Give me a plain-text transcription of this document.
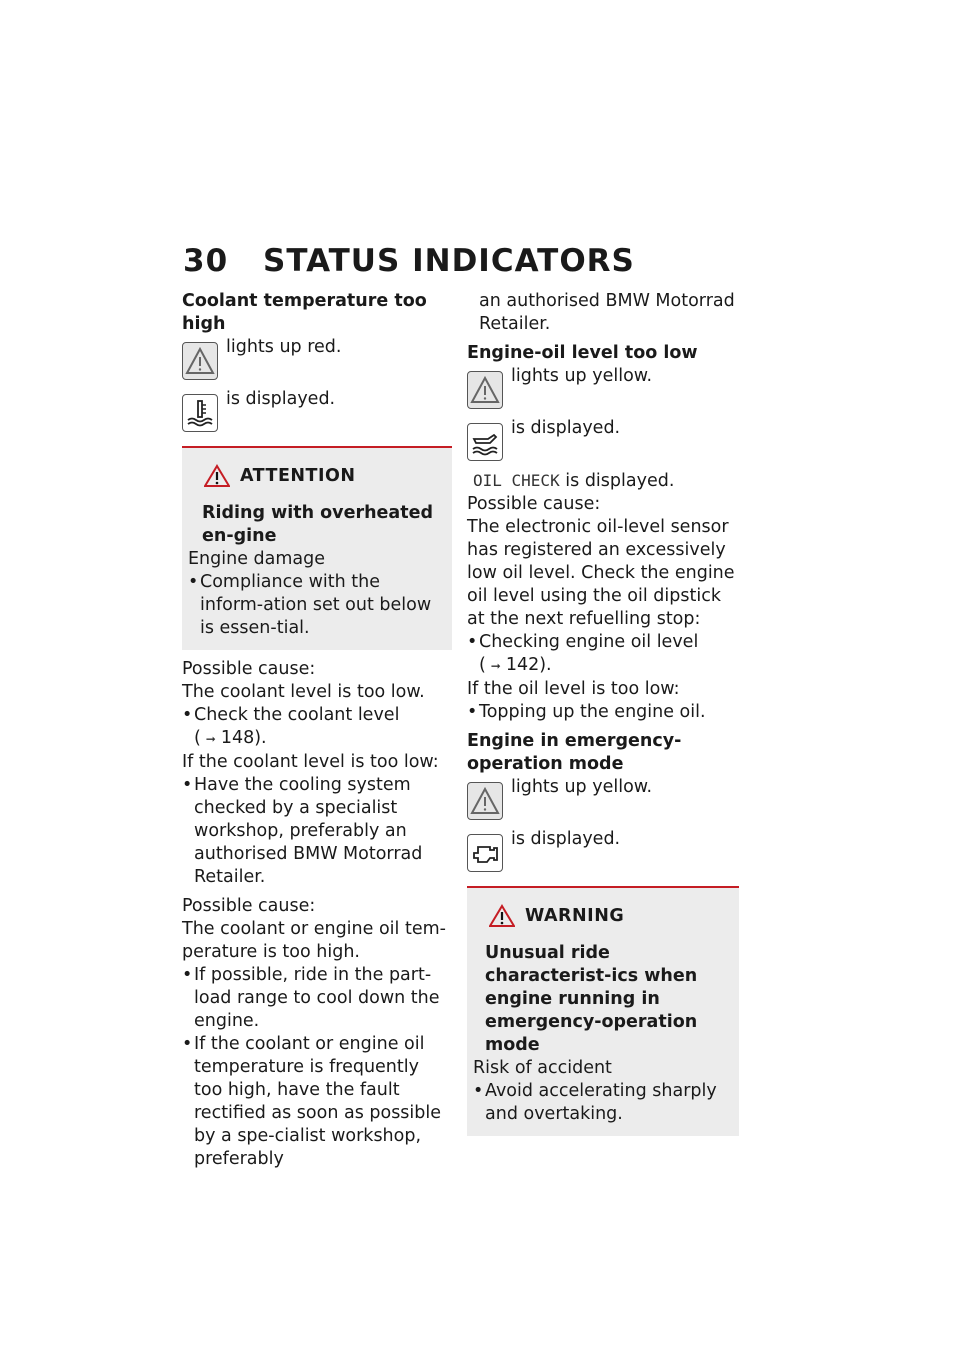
30 STATUS INDICATORS

Coolant temperature too high

lights up red.
is displayed.
ATTENTION

Riding with overheated en-gine

Engine damage

• Compliance with the inform-ation set out below is essen-tial.

Possible cause:

The coolant level is too low.

• Check the coolant level

( ➞ 148).

If the coolant level is too low:

• Have the cooling system checked by a specialist workshop, preferably an authorised BMW Motorrad Retailer.

Possible cause:

The coolant or engine oil tem-perature is too high.

• If possible, ride in the part-load range to cool down the engine.
• If the coolant or engine oil temperature is frequently too high, have the fault rectified as soon as possible by a spe-cialist workshop, preferably

an authorised BMW Motorrad Retailer.

Engine-oil level too low

lights up yellow.
is displayed.

OIL CHECK is displayed.

Possible cause:

The electronic oil-level sensor has registered an excessively low oil level. Check the engine oil level using the oil dipstick at the next refuelling stop:

• Checking engine oil level

( ➞ 142).

If the oil level is too low:

• Topping up the engine oil.

Engine in emergency-operation mode

lights up yellow.
is displayed.
WARNING

Unusual ride characterist-ics when engine running in emergency-operation mode

Risk of accident

• Avoid accelerating sharply and overtaking.
